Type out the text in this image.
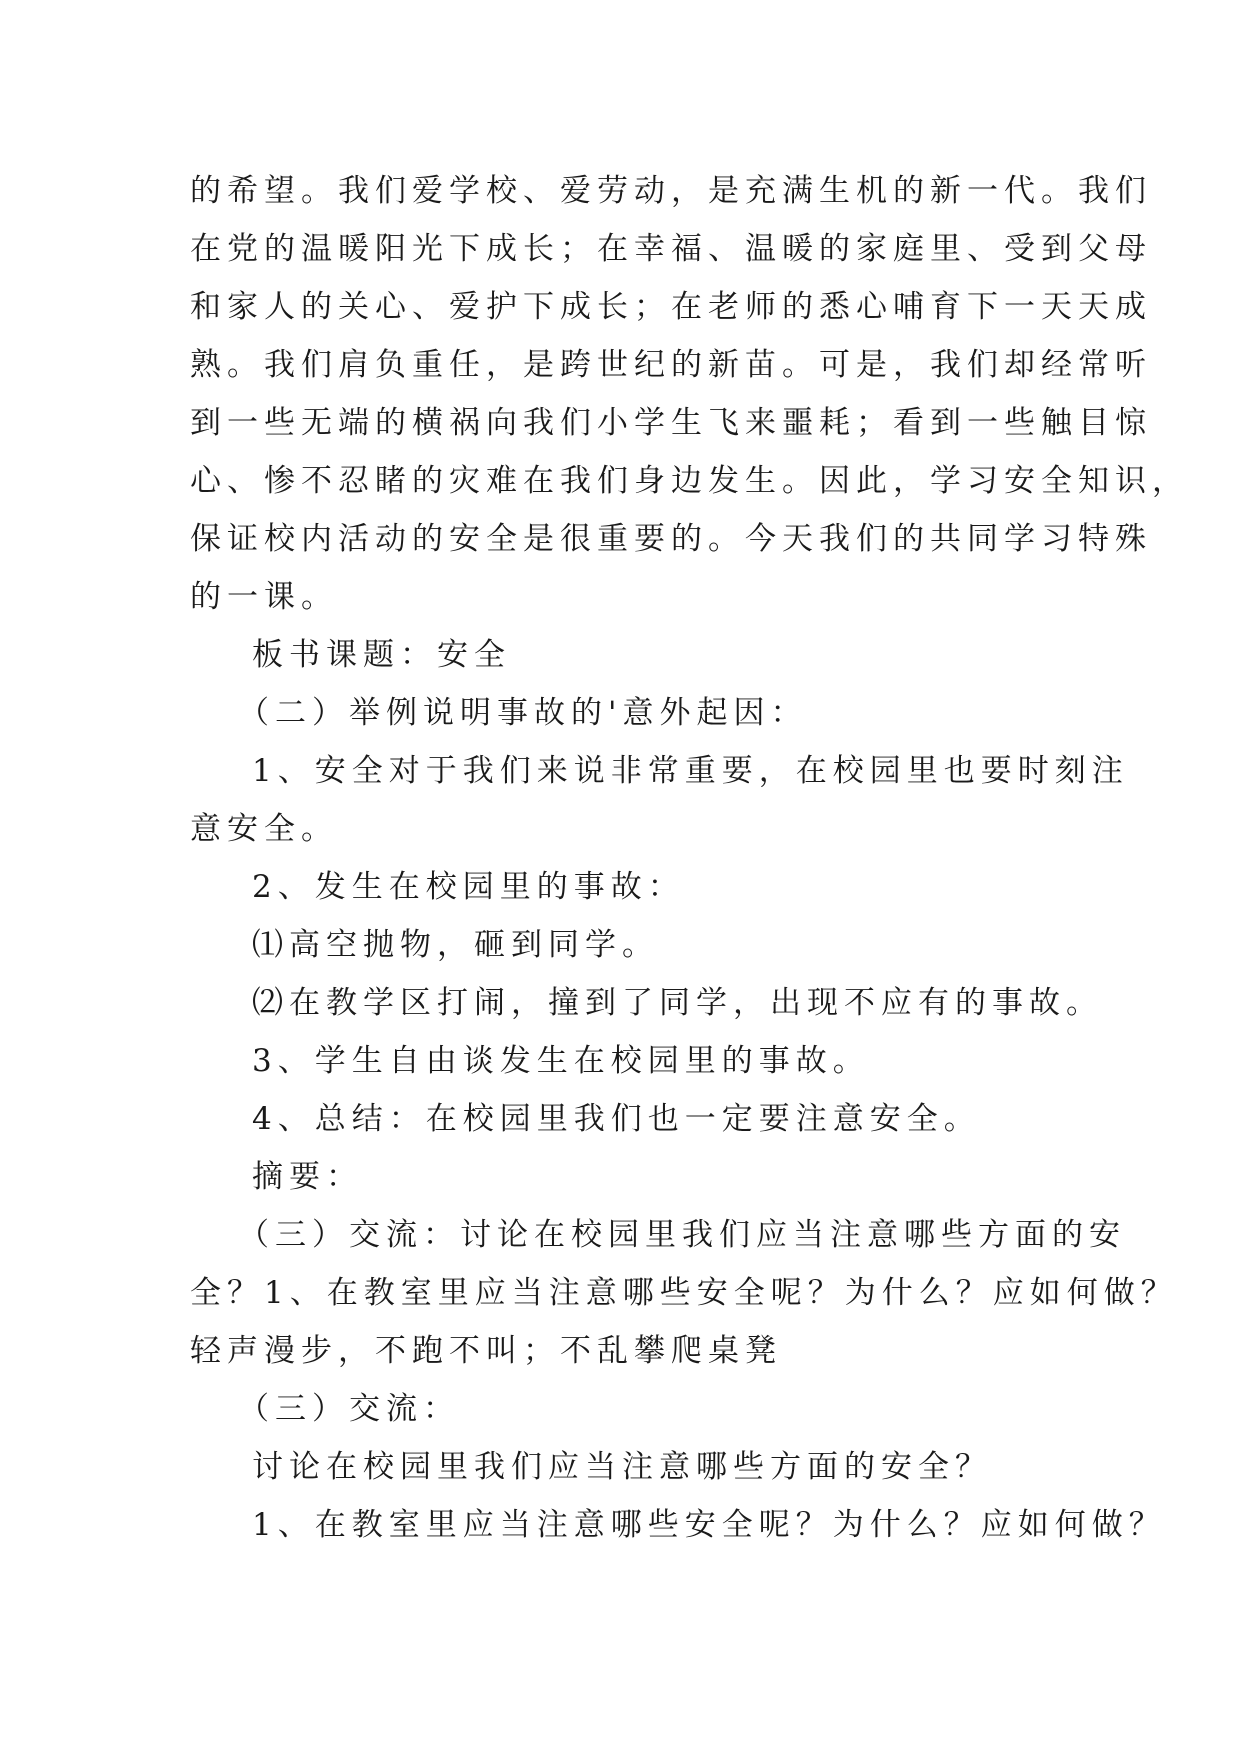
的希望。我们爱学校、爱劳动，是充满生机的新一代。我们

在党的温暖阳光下成长；在幸福、温暖的家庭里、受到父母

和家人的关心、爱护下成长；在老师的悉心哺育下一天天成

熟。我们肩负重任，是跨世纪的新苗。可是，我们却经常听

到一些无端的横祸向我们小学生飞来噩耗；看到一些触目惊

心、惨不忍睹的灾难在我们身边发生。因此，学习安全知识，

保证校内活动的安全是很重要的。今天我们的共同学习特殊

的一课。

板书课题：安全

（二）举例说明事故的'意外起因：

1、安全对于我们来说非常重要，在校园里也要时刻注

意安全。

2、发生在校园里的事故：

⑴高空抛物，砸到同学。

⑵在教学区打闹，撞到了同学，出现不应有的事故。

3、学生自由谈发生在校园里的事故。

4、总结：在校园里我们也一定要注意安全。

摘要：

（三）交流：讨论在校园里我们应当注意哪些方面的安

全？1、在教室里应当注意哪些安全呢？为什么？应如何做？

轻声漫步，不跑不叫；不乱攀爬桌凳

（三）交流：

讨论在校园里我们应当注意哪些方面的安全？

1、在教室里应当注意哪些安全呢？为什么？应如何做？
